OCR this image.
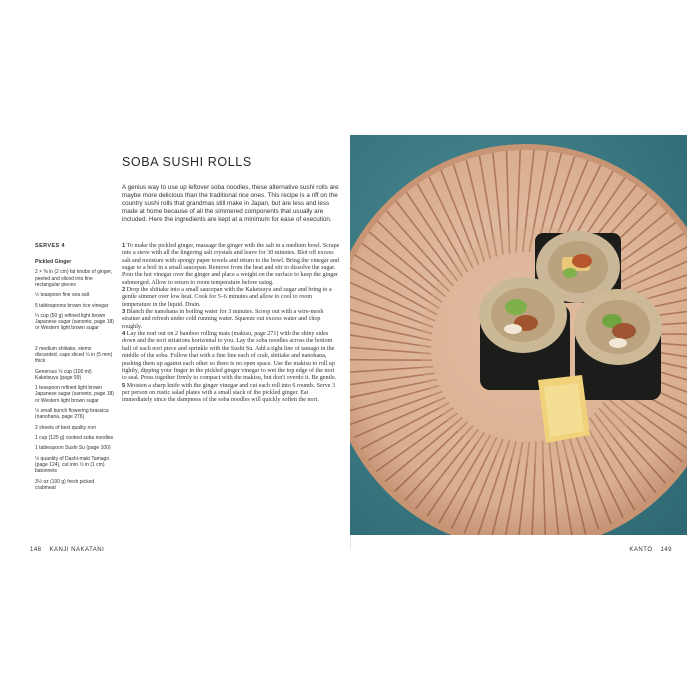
SOBA SUSHI ROLLS
A genius way to use up leftover soba noodles, these alternative sushi rolls are maybe more delicious than the traditional rice ones. This recipe is a riff on the country sushi rolls that grandmas still make in Japan, but are less and less made at home because of all the simmered components that usually are included. Here the ingredients are kept at a minimum for ease of execution.
SERVES 4
Pickled Ginger
2 × ⅜ in (2 cm) fat knobs of ginger, peeled and sliced into fine rectangular pieces
½ teaspoon fine sea salt
5 tablespoons brown rice vinegar
¼ cup (50 g) refined light brown Japanese sugar (sanonto, page 18) or Western light brown sugar
2 medium shiitake, stems discarded, caps sliced ¼ in (5 mm) thick
Generous ½ cup (100 ml) Kaketsuyu (page 99)
1 teaspoon refined light brown Japanese sugar (sanonto, page 18) or Western light brown sugar
½ small bunch flowering brassica (nanohana, page 276)
2 sheets of best quality nori
1 cup (125 g) cooked soba noodles
1 tablespoon Sushi Su (page 100)
½ quantity of Dashi-maki Tamago (page 124), cut into ½ in (1 cm) batonnets
3½ oz (100 g) fresh picked crabmeat

1 To make the pickled ginger, massage the ginger with the salt in a medium bowl. Scrape into a sieve with all the lingering salt crystals and leave for 30 minutes. Blot off excess salt and moisture with spongy paper towels and return to the bowl. Bring the vinegar and sugar to a boil in a small saucepan. Remove from the heat and stir to dissolve the sugar. Pour the hot vinegar over the ginger and place a weight on the surface to keep the ginger submerged. Allow to return to room temperature before using.

2 Drop the shiitake into a small saucepan with the Kaketsuyu and sugar and bring to a gentle simmer over low heat. Cook for 5–6 minutes and allow to cool to room temperature in the liquid. Drain.

3 Blanch the nanohana in boiling water for 3 minutes. Scoop out with a wire-mesh strainer and refresh under cold running water. Squeeze out excess water and chop roughly.

4 Lay the nori out on 2 bamboo rolling mats (makisu, page 271) with the shiny sides down and the nori striations horizontal to you. Lay the soba noodles across the bottom half of each nori piece and sprinkle with the Sushi Su. Add a tight line of tamago in the middle of the soba. Follow that with a fine line each of crab, shiitake and nanohana, pushing them up against each other so there is no open space. Use the makisu to roll up tightly, dipping your finger in the pickled ginger vinegar to wet the top edge of the nori to seal. Press together firmly to compact with the makisu, but don't overdo it. Be gentle.

5 Moisten a sharp knife with the ginger vinegar and cut each roll into 6 rounds. Serve 3 per person on rustic salad plates with a small stack of the pickled ginger. Eat immediately since the dampness of the soba noodles will quickly soften the nori.

148 KANJI NAKATANI	KANTO 149
